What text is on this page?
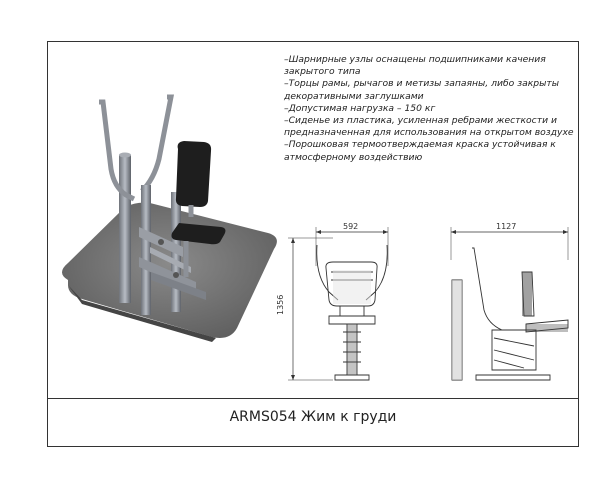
–Шарнирные узлы оснащены подшипниками качения закрытого типа
–Торцы рамы, рычагов и метизы запаяны, либо закрыты декоративными заглушками
–Допустимая нагрузка – 150 кг
–Сиденье из пластика, усиленная ребрами жесткости и предназначенная для использования на открытом воздухе
–Порошковая термоотверждаемая краска устойчивая к атмосферному воздействию
592
1356
1127
ARMS054 Жим к груди
